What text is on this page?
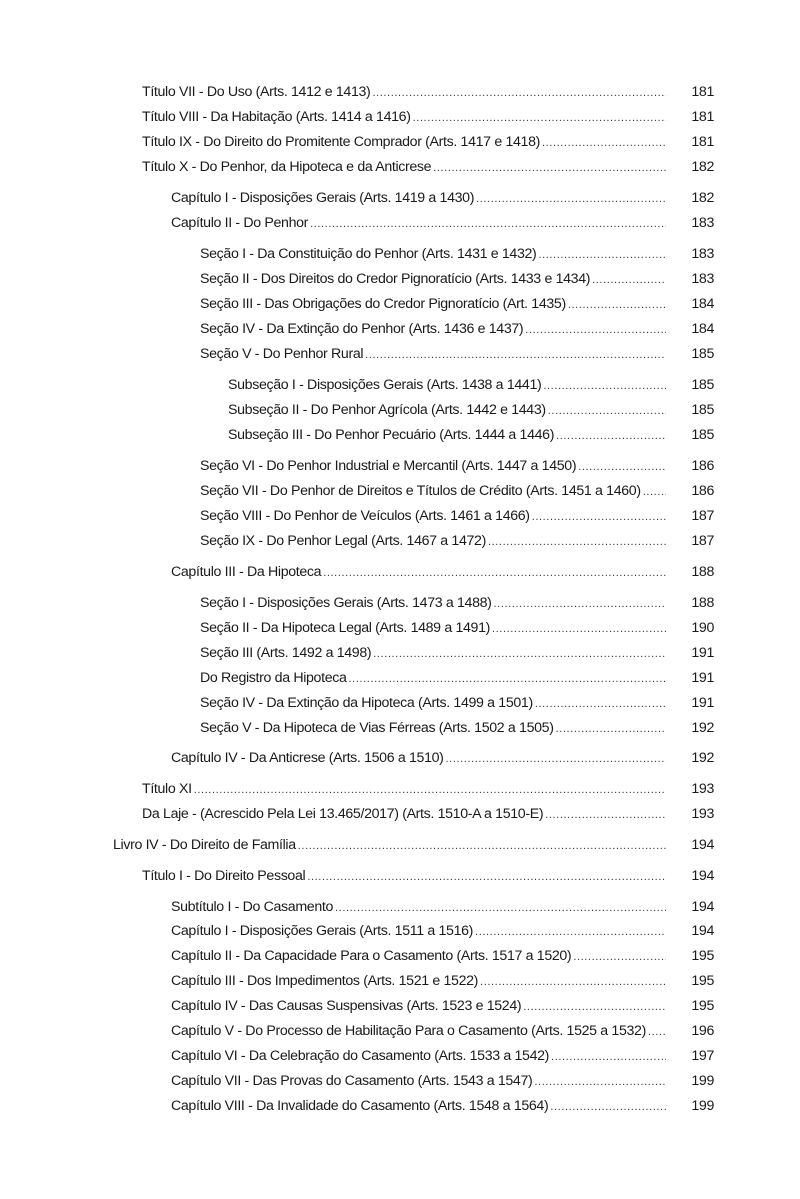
Título VII - Do Uso (Arts. 1412 e 1413) .....	181
Título VIII - Da Habitação (Arts. 1414 a 1416) .....	181
Título IX - Do Direito do Promitente Comprador (Arts. 1417 e 1418) .....	181
Título X - Do Penhor, da Hipoteca e da Anticrese .....	182
Capítulo I - Disposições Gerais (Arts. 1419 a 1430) .....	182
Capítulo II - Do Penhor .....	183
Seção I - Da Constituição do Penhor (Arts. 1431 e 1432) .....	183
Seção II - Dos Direitos do Credor Pignoratício (Arts. 1433 e 1434) .....	183
Seção III - Das Obrigações do Credor Pignoratício (Art. 1435) .....	184
Seção IV - Da Extinção do Penhor (Arts. 1436 e 1437) .....	184
Seção V - Do Penhor Rural .....	185
Subseção I - Disposições Gerais (Arts. 1438 a 1441) .....	185
Subseção II - Do Penhor Agrícola (Arts. 1442 e 1443) .....	185
Subseção III - Do Penhor Pecuário (Arts. 1444 a 1446) .....	185
Seção VI - Do Penhor Industrial e Mercantil (Arts. 1447 a 1450) .....	186
Seção VII - Do Penhor de Direitos e Títulos de Crédito (Arts. 1451 a 1460) .....	186
Seção VIII - Do Penhor de Veículos (Arts. 1461 a 1466) .....	187
Seção IX - Do Penhor Legal (Arts. 1467 a 1472) .....	187
Capítulo III - Da Hipoteca .....	188
Seção I - Disposições Gerais (Arts. 1473 a 1488) .....	188
Seção II - Da Hipoteca Legal (Arts. 1489 a 1491) .....	190
Seção III (Arts. 1492 a 1498) .....	191
Do Registro da Hipoteca .....	191
Seção IV - Da Extinção da Hipoteca (Arts. 1499 a 1501) .....	191
Seção V - Da Hipoteca de Vias Férreas (Arts. 1502 a 1505) .....	192
Capítulo IV - Da Anticrese (Arts. 1506 a 1510) .....	192
Título XI .....	193
Da Laje - (Acrescido Pela Lei 13.465/2017) (Arts. 1510-A a 1510-E) .....	193
Livro IV - Do Direito de Família .....	194
Título I - Do Direito Pessoal .....	194
Subtítulo I - Do Casamento .....	194
Capítulo I - Disposições Gerais (Arts. 1511 a 1516) .....	194
Capítulo II - Da Capacidade Para o Casamento (Arts. 1517 a 1520) .....	195
Capítulo III - Dos Impedimentos (Arts. 1521 e 1522) .....	195
Capítulo IV - Das Causas Suspensivas (Arts. 1523 e 1524) .....	195
Capítulo V - Do Processo de Habilitação Para o Casamento (Arts. 1525 a 1532) .....	196
Capítulo VI - Da Celebração do Casamento (Arts. 1533 a 1542) .....	197
Capítulo VII - Das Provas do Casamento (Arts. 1543 a 1547) .....	199
Capítulo VIII - Da Invalidade do Casamento (Arts. 1548 a 1564) .....	199
